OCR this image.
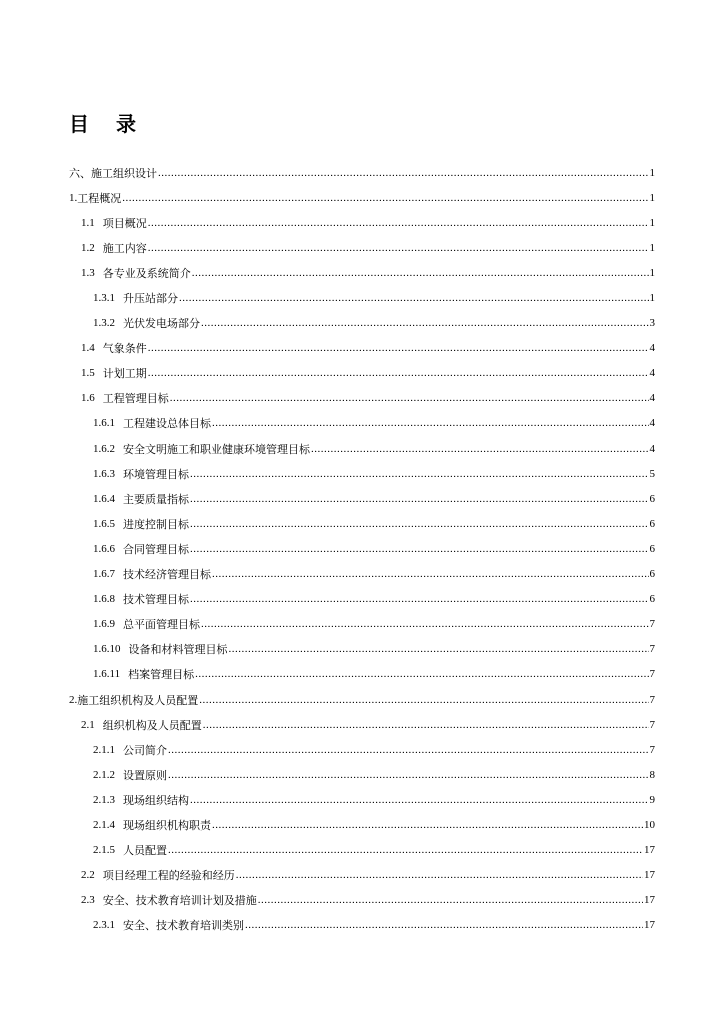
目 录
六、施工组织设计 .....	1
1. 工程概况 .....	1
1.1 项目概况 .....	1
1.2 施工内容 .....	1
1.3 各专业及系统简介 .....	1
1.3.1 升压站部分 .....	1
1.3.2 光伏发电场部分 .....	3
1.4 气象条件 .....	4
1.5 计划工期 .....	4
1.6 工程管理目标 .....	4
1.6.1 工程建设总体目标 .....	4
1.6.2 安全文明施工和职业健康环境管理目标 .....	4
1.6.3 环境管理目标 .....	5
1.6.4 主要质量指标 .....	6
1.6.5 进度控制目标 .....	6
1.6.6 合同管理目标 .....	6
1.6.7 技术经济管理目标 .....	6
1.6.8 技术管理目标 .....	6
1.6.9 总平面管理目标 .....	7
1.6.10 设备和材料管理目标 .....	7
1.6.11 档案管理目标 .....	7
2. 施工组织机构及人员配置 .....	7
2.1 组织机构及人员配置 .....	7
2.1.1 公司简介 .....	7
2.1.2 设置原则 .....	8
2.1.3 现场组织结构 .....	9
2.1.4 现场组织机构职责 .....	10
2.1.5 人员配置 .....	17
2.2 项目经理工程的经验和经历 .....	17
2.3 安全、技术教育培训计划及措施 .....	17
2.3.1 安全、技术教育培训类别 .....	17
